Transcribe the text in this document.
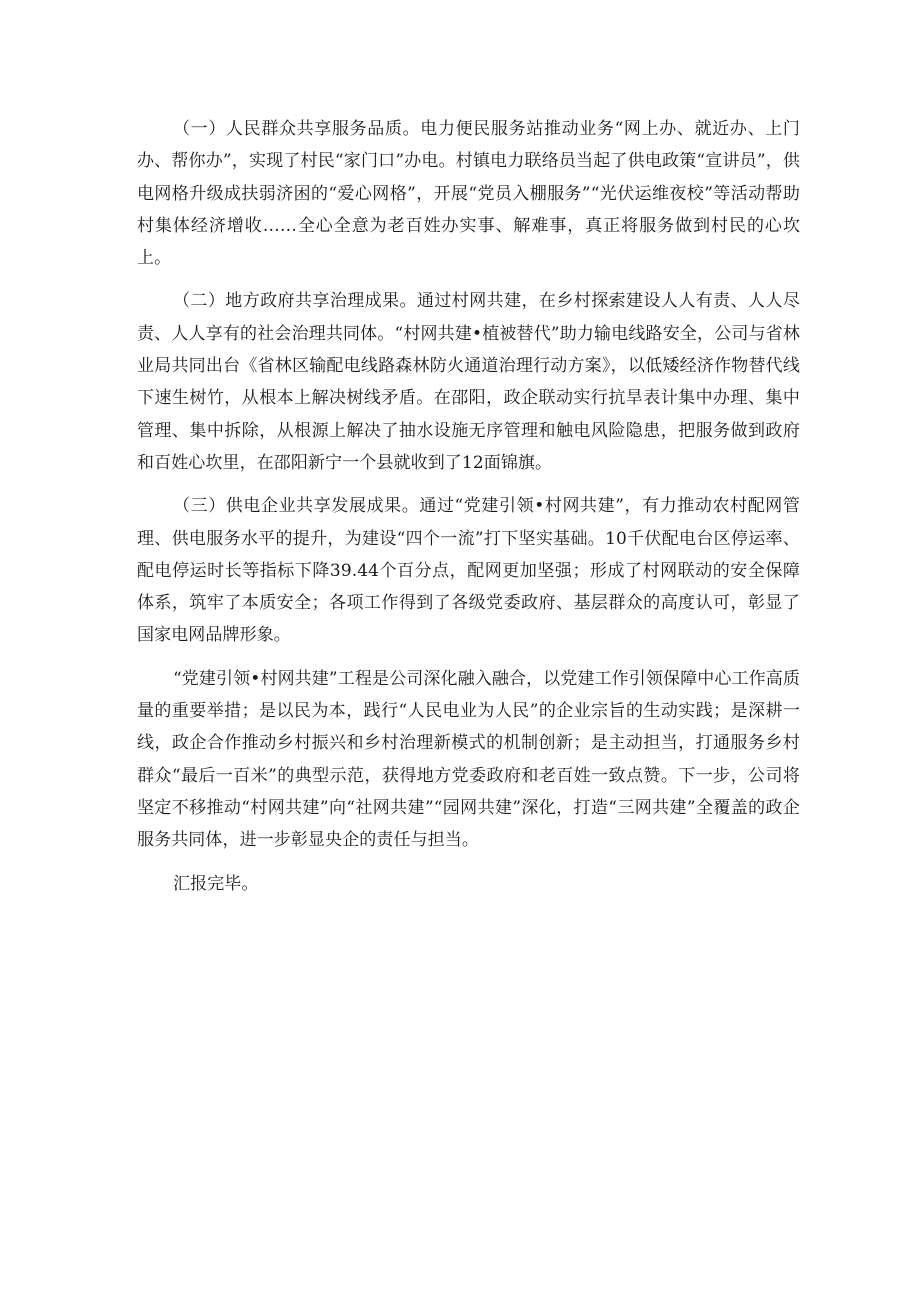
（一）人民群众共享服务品质。电力便民服务站推动业务“网上办、就近办、上门办、帮你办”，实现了村民“家门口”办电。村镇电力联络员当起了供电政策“宣讲员”，供电网格升级成扶弱济困的“爱心网格”，开展“党员入棚服务”“光伏运维夜校”等活动帮助村集体经济增收……全心全意为老百姓办实事、解难事，真正将服务做到村民的心坎上。

（二）地方政府共享治理成果。通过村网共建，在乡村探索建设人人有责、人人尽责、人人享有的社会治理共同体。“村网共建•植被替代”助力输电线路安全，公司与省林业局共同出台《省林区输配电线路森林防火通道治理行动方案》，以低矮经济作物替代线下速生树竹，从根本上解决树线矛盾。在邵阳，政企联动实行抗旱表计集中办理、集中管理、集中拆除，从根源上解决了抽水设施无序管理和触电风险隐患，把服务做到政府和百姓心坎里，在邵阳新宁一个县就收到了12面锦旗。

（三）供电企业共享发展成果。通过“党建引领•村网共建”，有力推动农村配网管理、供电服务水平的提升，为建设“四个一流”打下坚实基础。10千伏配电台区停运率、配电停运时长等指标下降39.44个百分点，配网更加坚强；形成了村网联动的安全保障体系，筑牢了本质安全；各项工作得到了各级党委政府、基层群众的高度认可，彰显了国家电网品牌形象。

“党建引领•村网共建”工程是公司深化融入融合，以党建工作引领保障中心工作高质量的重要举措；是以民为本，践行“人民电业为人民”的企业宗旨的生动实践；是深耕一线，政企合作推动乡村振兴和乡村治理新模式的机制创新；是主动担当，打通服务乡村群众“最后一百米”的典型示范，获得地方党委政府和老百姓一致点赞。下一步，公司将坚定不移推动“村网共建”向“社网共建”“园网共建”深化，打造“三网共建”全覆盖的政企服务共同体，进一步彰显央企的责任与担当。

汇报完毕。
